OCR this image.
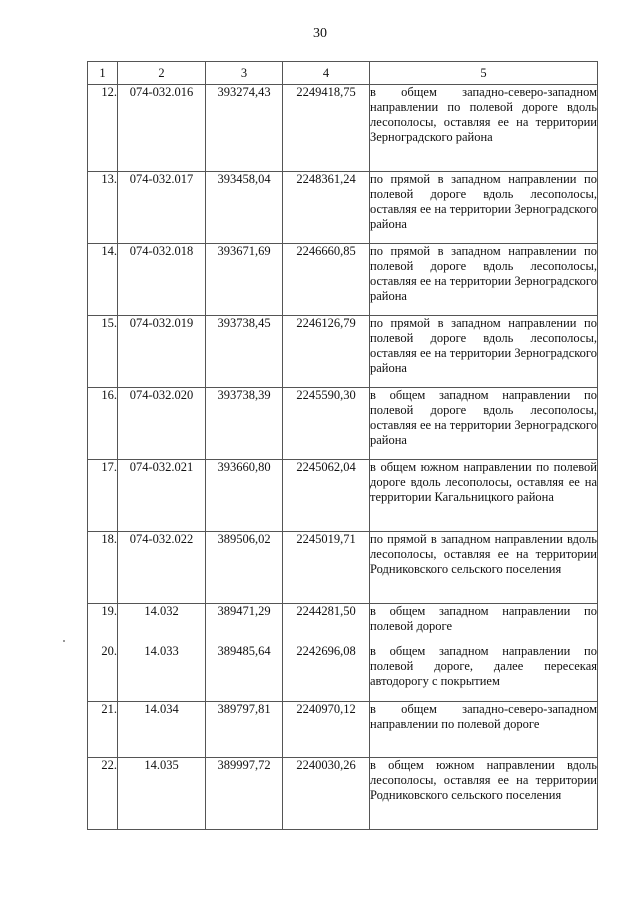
30
1	2	3	4	5
12.	074-032.016	393274,43	2249418,75	в общем западно-северо-западном направлении по полевой дороге вдоль лесополосы, оставляя ее на территории Зерноградского района
13.	074-032.017	393458,04	2248361,24	по прямой в западном направлении по полевой дороге вдоль лесополосы, оставляя ее на территории Зерноградского района
14.	074-032.018	393671,69	2246660,85	по прямой в западном направлении по полевой дороге вдоль лесополосы, оставляя ее на территории Зерноградского района
15.	074-032.019	393738,45	2246126,79	по прямой в западном направлении по полевой дороге вдоль лесополосы, оставляя ее на территории Зерноградского района
16.	074-032.020	393738,39	2245590,30	в общем западном направлении по полевой дороге вдоль лесополосы, оставляя ее на территории Зерноградского района
17.	074-032.021	393660,80	2245062,04	в общем южном направлении по полевой дороге вдоль лесополосы, оставляя ее на территории Кагальницкого района
18.	074-032.022	389506,02	2245019,71	по прямой в западном направлении вдоль лесополосы, оставляя ее на территории Родниковского сельского поселения
19.	14.032	389471,29	2244281,50	в общем западном направлении по полевой дороге
20.	14.033	389485,64	2242696,08	в общем западном направлении по полевой дороге, далее пересекая автодорогу с покрытием
21.	14.034	389797,81	2240970,12	в общем западно-северо-западном направлении по полевой дороге
22.	14.035	389997,72	2240030,26	в общем южном направлении вдоль лесополосы, оставляя ее на территории Родниковского сельского поселения
